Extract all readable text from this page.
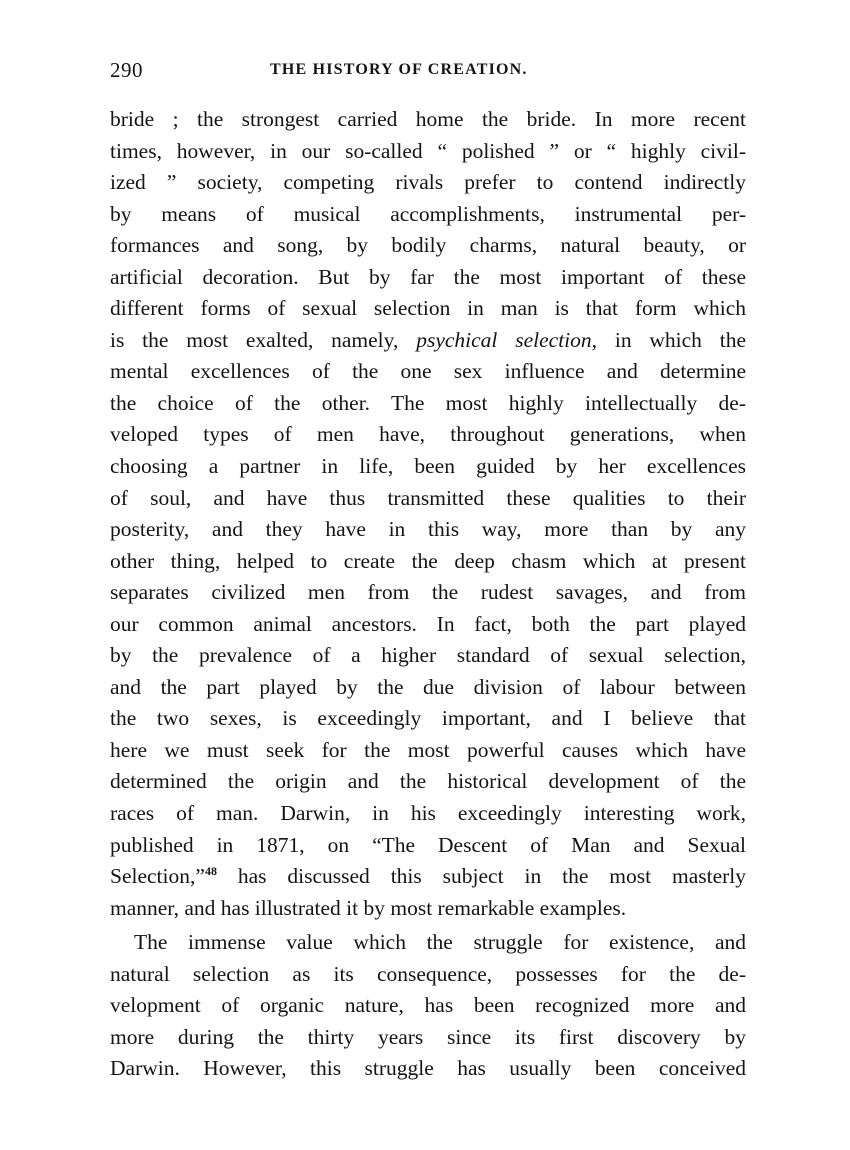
290	THE HISTORY OF CREATION.
bride ; the strongest carried home the bride. In more recent
times, however, in our so-called “ polished ” or “ highly civil-
ized ” society, competing rivals prefer to contend indirectly
by means of musical accomplishments, instrumental per-
formances and song, by bodily charms, natural beauty, or
artificial decoration. But by far the most important of these
different forms of sexual selection in man is that form which
is the most exalted, namely, psychical selection, in which the
mental excellences of the one sex influence and determine
the choice of the other. The most highly intellectually de-
veloped types of men have, throughout generations, when
choosing a partner in life, been guided by her excellences
of soul, and have thus transmitted these qualities to their
posterity, and they have in this way, more than by any
other thing, helped to create the deep chasm which at present
separates civilized men from the rudest savages, and from
our common animal ancestors. In fact, both the part played
by the prevalence of a higher standard of sexual selection,
and the part played by the due division of labour between
the two sexes, is exceedingly important, and I believe that
here we must seek for the most powerful causes which have
determined the origin and the historical development of the
races of man. Darwin, in his exceedingly interesting work,
published in 1871, on “The Descent of Man and Sexual
Selection,”$^{48}$ has discussed this subject in the most masterly
manner, and has illustrated it by most remarkable examples.
The immense value which the struggle for existence, and
natural selection as its consequence, possesses for the de-
velopment of organic nature, has been recognized more and
more during the thirty years since its first discovery by
Darwin. However, this struggle has usually been conceived
